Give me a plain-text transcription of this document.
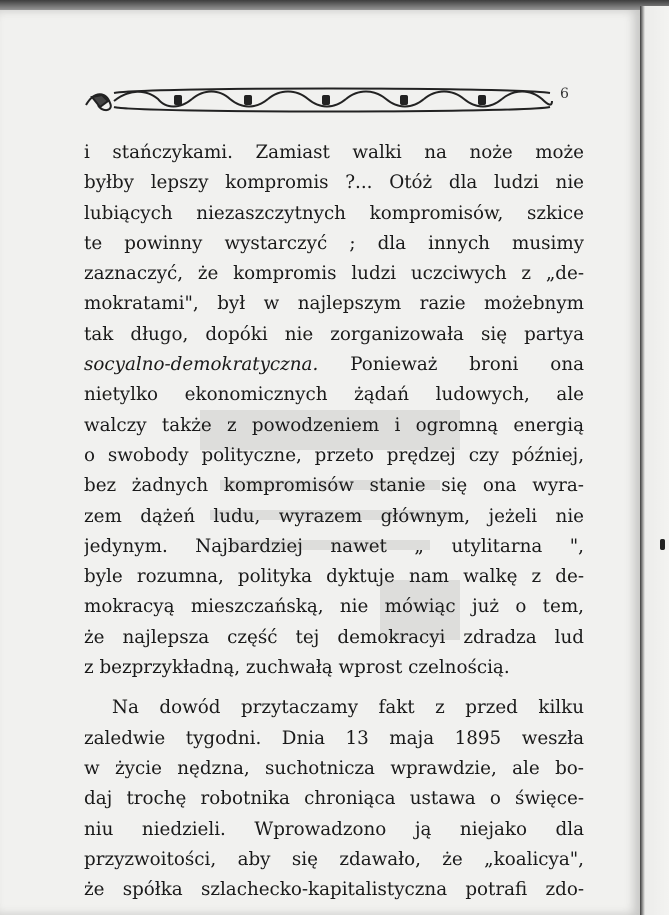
6
i stańczykami. Zamiast walki na noże może
byłby lepszy kompromis ?... Otóż dla ludzi nie
lubiących niezaszczytnych kompromisów, szkice
te powinny wystarczyć ; dla innych musimy
zaznaczyć, że kompromis ludzi uczciwych z „de-
mokratami", był w najlepszym razie możebnym
tak długo, dopóki nie zorganizowała się partya
socyalno-demokratyczna. Ponieważ broni ona
nietylko ekonomicznych żądań ludowych, ale
walczy także z powodzeniem i ogromną energią
o swobody polityczne, przeto prędzej czy później,
bez żadnych kompromisów stanie się ona wyra-
zem dążeń ludu, wyrazem głównym, jeżeli nie
jedynym. Najbardziej nawet „ utylitarna ",
byle rozumna, polityka dyktuje nam walkę z de-
mokracyą mieszczańską, nie mówiąc już o tem,
że najlepsza część tej demokracyi zdradza lud
z bezprzykładną, zuchwałą wprost czelnością.
Na dowód przytaczamy fakt z przed kilku
zaledwie tygodni. Dnia 13 maja 1895 weszła
w życie nędzna, suchotnicza wprawdzie, ale bo-
daj trochę robotnika chroniąca ustawa o święce-
niu niedzieli. Wprowadzono ją niejako dla
przyzwoitości, aby się zdawało, że „koalicya",
że spółka szlachecko-kapitalistyczna potrafi zdo-
